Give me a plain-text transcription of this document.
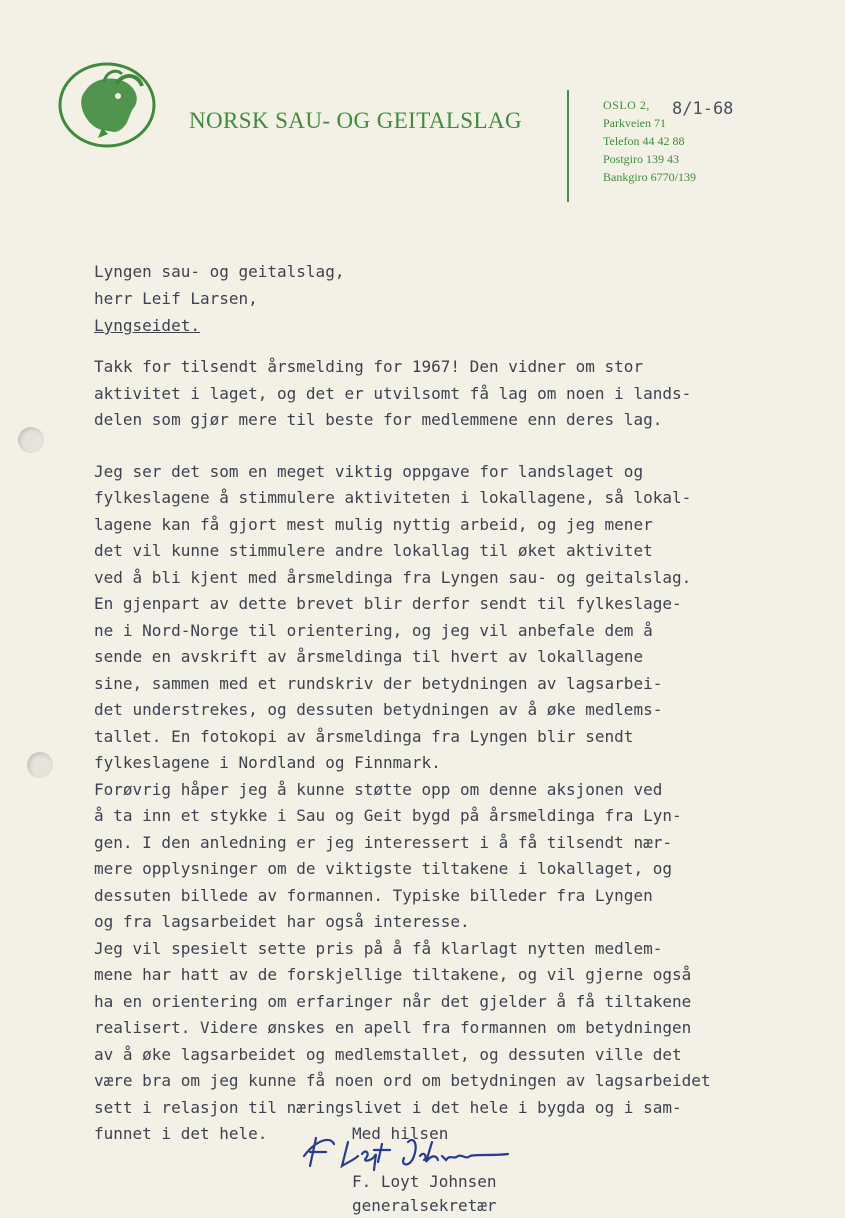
NORSK SAU- OG GEITALSLAG
OSLO 2,
Parkveien 71
Telefon 44 42 88
Postgiro 139 43
Bankgiro 6770/139
8/1-68
Lyngen sau- og geitalslag,
herr Leif Larsen,
Lyngseidet.
Takk for tilsendt årsmelding for 1967! Den vidner om stor
aktivitet i laget, og det er utvilsomt få lag om noen i lands-
delen som gjør mere til beste for medlemmene enn deres lag.
Jeg ser det som en meget viktig oppgave for landslaget og
fylkeslagene å stimmulere aktiviteten i lokallagene, så lokal-
lagene kan få gjort mest mulig nyttig arbeid, og jeg mener
det vil kunne stimmulere andre lokallag til øket aktivitet
ved å bli kjent med årsmeldinga fra Lyngen sau- og geitalslag.
En gjenpart av dette brevet blir derfor sendt til fylkeslage-
ne i Nord-Norge til orientering, og jeg vil anbefale dem å
sende en avskrift av årsmeldinga til hvert av lokallagene
sine, sammen med et rundskriv der betydningen av lagsarbei-
det understrekes, og dessuten betydningen av å øke medlems-
tallet. En fotokopi av årsmeldinga fra Lyngen blir sendt
fylkeslagene i Nordland og Finnmark.
Forøvrig håper jeg å kunne støtte opp om denne aksjonen ved
å ta inn et stykke i Sau og Geit bygd på årsmeldinga fra Lyn-
gen. I den anledning er jeg interessert i å få tilsendt nær-
mere opplysninger om de viktigste tiltakene i lokallaget, og
dessuten billede av formannen. Typiske billeder fra Lyngen
og fra lagsarbeidet har også interesse.
Jeg vil spesielt sette pris på å få klarlagt nytten medlem-
mene har hatt av de forskjellige tiltakene, og vil gjerne også
ha en orientering om erfaringer når det gjelder å få tiltakene
realisert. Videre ønskes en apell fra formannen om betydningen
av å øke lagsarbeidet og medlemstallet, og dessuten ville det
være bra om jeg kunne få noen ord om betydningen av lagsarbeidet
sett i relasjon til næringslivet i det hele i bygda og i sam-
funnet i det hele.	Med hilsen
F. Loyt Johnsen
generalsekretær
